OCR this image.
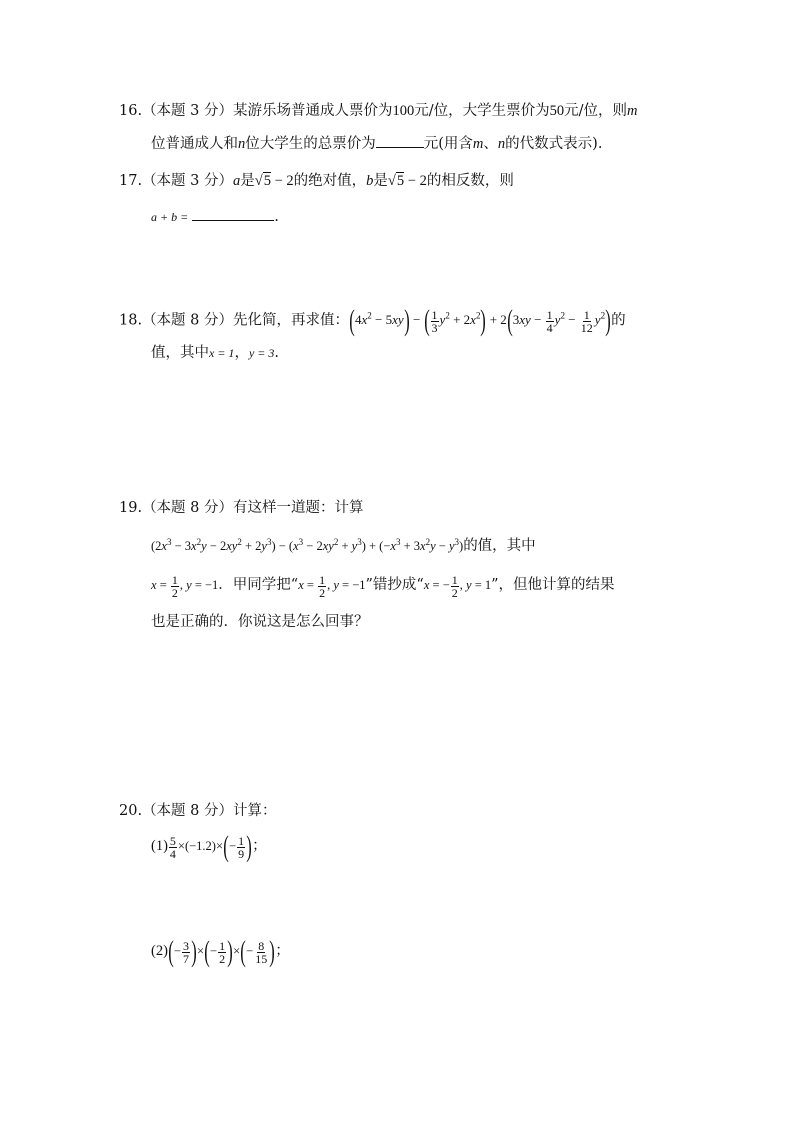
16.（本题 3 分）某游乐场普通成人票价为100元/位，大学生票价为50元/位，则m
位普通成人和n位大学生的总票价为	元(用含m、n的代数式表示).
17.（本题 3 分）a是√5 − 2的绝对值，b是√5 − 2的相反数，则
a + b =	.
18.（本题 8 分）先化简，再求值：$(4x^2 - 5xy)$ − ( $\frac{1}{3} y^2 + 2x^2) + 2(3xy - \frac{1}{4} y^2 - \frac{1}{12} y^2)$的
值，其中x = 1，y = 3.
19.（本题 8 分）有这样一道题：计算
$(2x^3 - 3x^2y - 2xy^2 + 2y^3) - (x^3 - 2xy^2 + y^3) + (-x^3 + 3x^2y - y^3)$的值，其中
$x = \frac{1}{2}$ , y = −1．甲同学把“$x = \frac{1}{2}$ , y = −1”错抄成“x = − $\frac{1}{2}$ , y = 1”，但他计算的结果
也是正确的．你说这是怎么回事？
20.（本题 8 分）计算：
$(1) \frac{5}{4} \times(-1.2)\times(- \frac{1}{9}$ )；
$(2)(- \frac{3}{7}$ )×(− $\frac{1}{2}$ )×(− $\frac{8}{15}$ )；
